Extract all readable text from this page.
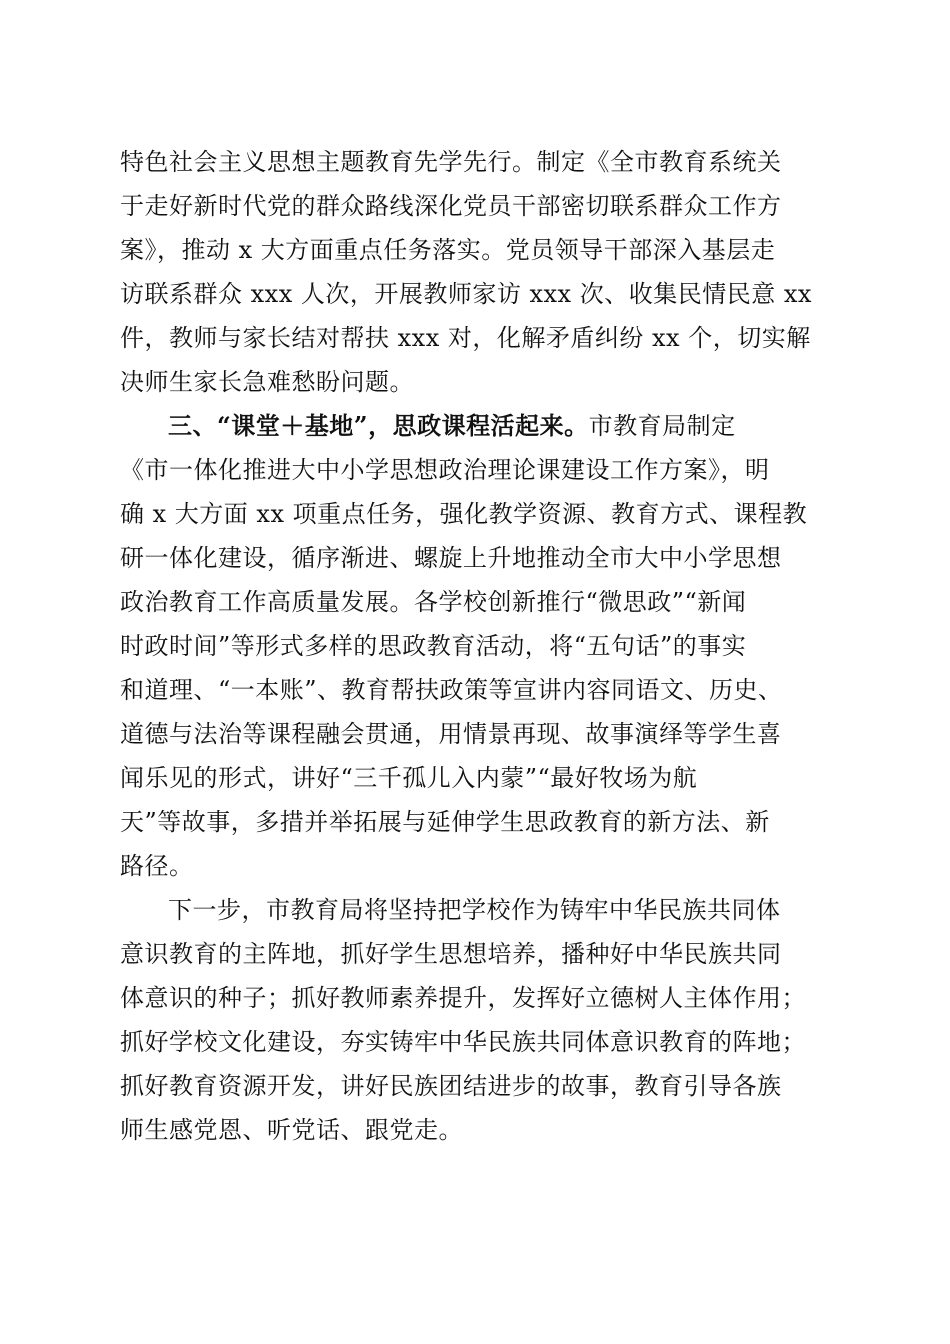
特色社会主义思想主题教育先学先行。制定《全市教育系统关
于走好新时代党的群众路线深化党员干部密切联系群众工作方
案》，推动 x 大方面重点任务落实。党员领导干部深入基层走
访联系群众 xxx 人次，开展教师家访 xxx 次、收集民情民意 xx
件，教师与家长结对帮扶 xxx 对，化解矛盾纠纷 xx 个，切实解
决师生家长急难愁盼问题。
三、“课堂＋基地”，思政课程活起来。市教育局制定
《市一体化推进大中小学思想政治理论课建设工作方案》，明
确 x 大方面 xx 项重点任务，强化教学资源、教育方式、课程教
研一体化建设，循序渐进、螺旋上升地推动全市大中小学思想
政治教育工作高质量发展。各学校创新推行“微思政”“新闻
时政时间”等形式多样的思政教育活动，将“五句话”的事实
和道理、“一本账”、教育帮扶政策等宣讲内容同语文、历史、
道德与法治等课程融会贯通，用情景再现、故事演绎等学生喜
闻乐见的形式，讲好“三千孤儿入内蒙”“最好牧场为航
天”等故事，多措并举拓展与延伸学生思政教育的新方法、新
路径。
下一步，市教育局将坚持把学校作为铸牢中华民族共同体
意识教育的主阵地，抓好学生思想培养，播种好中华民族共同
体意识的种子；抓好教师素养提升，发挥好立德树人主体作用；
抓好学校文化建设，夯实铸牢中华民族共同体意识教育的阵地；
抓好教育资源开发，讲好民族团结进步的故事，教育引导各族
师生感党恩、听党话、跟党走。
